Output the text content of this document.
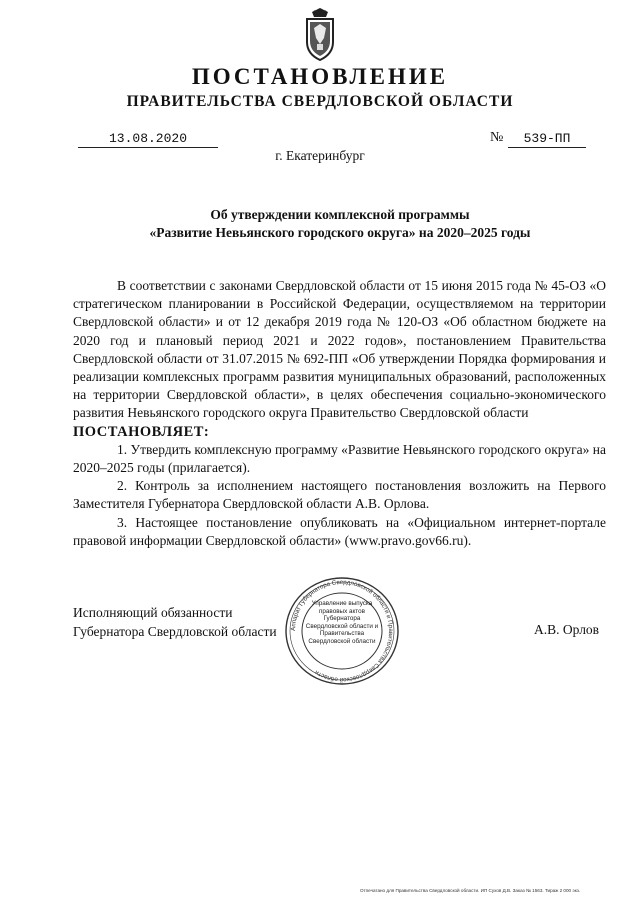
ПОСТАНОВЛЕНИЕ
ПРАВИТЕЛЬСТВА СВЕРДЛОВСКОЙ ОБЛАСТИ
13.08.2020	№	539-ПП
г. Екатеринбург
Об утверждении комплексной программы
«Развитие Невьянского городского округа» на 2020–2025 годы

В соответствии с законами Свердловской области от 15 июня 2015 года № 45-ОЗ «О стратегическом планировании в Российской Федерации, осуществляемом на территории Свердловской области» и от 12 декабря 2019 года № 120-ОЗ «Об областном бюджете на 2020 год и плановый период 2021 и 2022 годов», постановлением Правительства Свердловской области от 31.07.2015 № 692-ПП «Об утверждении Порядка формирования и реализации комплексных программ развития муниципальных образований, расположенных на территории Свердловской области», в целях обеспечения социально-экономического развития Невьянского городского округа Правительство Свердловской области

ПОСТАНОВЛЯЕТ:

1. Утвердить комплексную программу «Развитие Невьянского городского округа» на 2020–2025 годы (прилагается).

2. Контроль за исполнением настоящего постановления возложить на Первого Заместителя Губернатора Свердловской области А.В. Орлова.

3. Настоящее постановление опубликовать на «Официальном интернет-портале правовой информации Свердловской области» (www.pravo.gov66.ru).

Исполняющий обязанности
Губернатора Свердловской области	А.В. Орлов
Аппарат Губернатора Свердловской области и Правительства Свердловской области
Управление выпуска правовых актов Губернатора Свердловской области и Правительства Свердловской области
Отпечатано для Правительства Свердловской области. ИП Сухов Д.В. Заказ № 1563. Тираж 2 000 экз.
